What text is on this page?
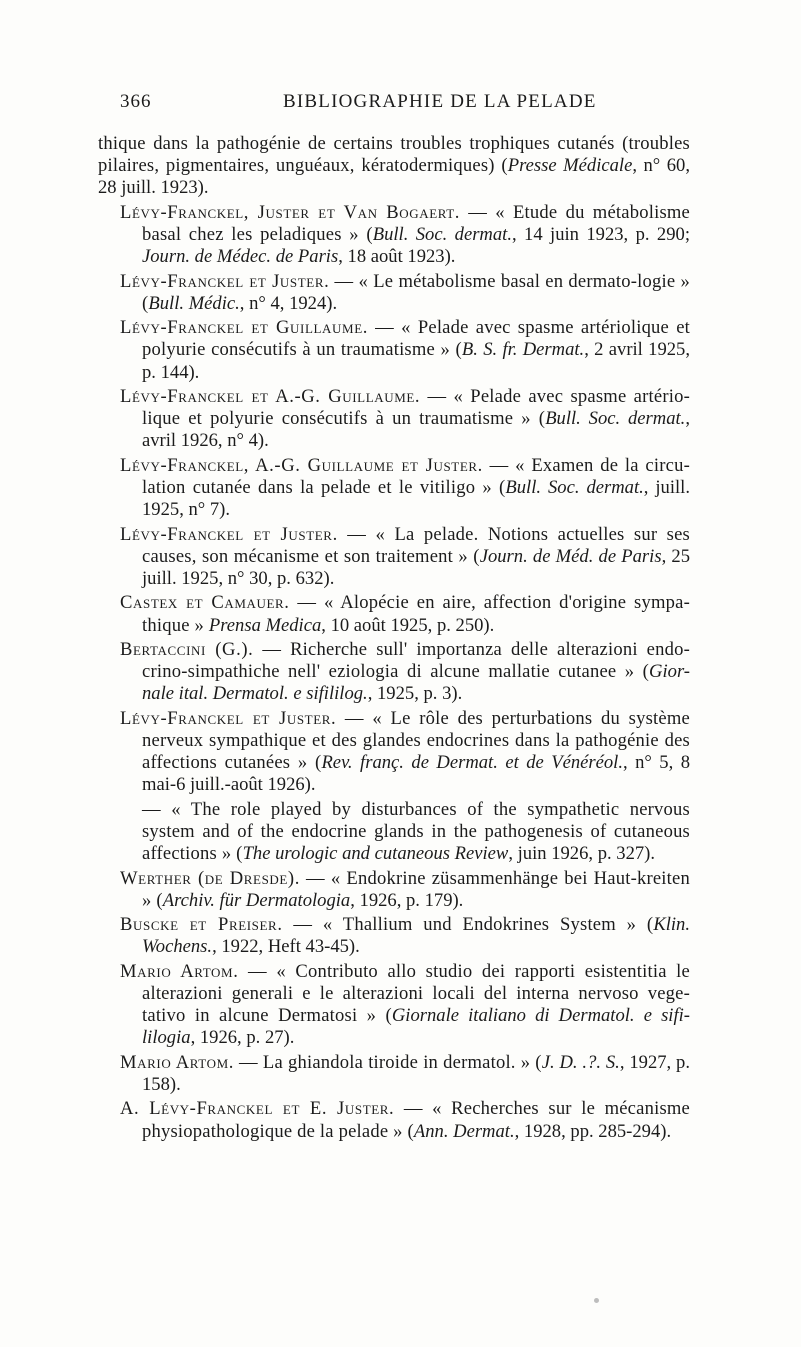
366	BIBLIOGRAPHIE DE LA PELADE

thique dans la pathogénie de certains troubles trophiques cutanés (troubles pilaires, pigmentaires, unguéaux, kératodermiques) (Presse Médicale, n° 60, 28 juill. 1923).

Lévy-Franckel, Juster et Van Bogaert. — « Etude du métabolisme basal chez les peladiques » (Bull. Soc. dermat., 14 juin 1923, p. 290; Journ. de Médec. de Paris, 18 août 1923).

Lévy-Franckel et Juster. — « Le métabolisme basal en dermato-logie » (Bull. Médic., n° 4, 1924).

Lévy-Franckel et Guillaume. — « Pelade avec spasme artériolique et polyurie consécutifs à un traumatisme » (B. S. fr. Dermat., 2 avril 1925, p. 144).

Lévy-Franckel et A.-G. Guillaume. — « Pelade avec spasme artério-lique et polyurie consécutifs à un traumatisme » (Bull. Soc. dermat., avril 1926, n° 4).

Lévy-Franckel, A.-G. Guillaume et Juster. — « Examen de la circu-lation cutanée dans la pelade et le vitiligo » (Bull. Soc. dermat., juill. 1925, n° 7).

Lévy-Franckel et Juster. — « La pelade. Notions actuelles sur ses causes, son mécanisme et son traitement » (Journ. de Méd. de Paris, 25 juill. 1925, n° 30, p. 632).

Castex et Camauer. — « Alopécie en aire, affection d'origine sympa-thique » Prensa Medica, 10 août 1925, p. 250).

Bertaccini (G.). — Richerche sull' importanza delle alterazioni endo-crino-simpathiche nell' eziologia di alcune mallatie cutanee » (Gior-nale ital. Dermatol. e sifililog., 1925, p. 3).

Lévy-Franckel et Juster. — « Le rôle des perturbations du système nerveux sympathique et des glandes endocrines dans la pathogénie des affections cutanées » (Rev. franç. de Dermat. et de Vénéréol., n° 5, 8 mai-6 juill.-août 1926).

— « The role played by disturbances of the sympathetic nervous system and of the endocrine glands in the pathogenesis of cutaneous affections » (The urologic and cutaneous Review, juin 1926, p. 327).

Werther (de Dresde). — « Endokrine züsammenhänge bei Haut-kreiten » (Archiv. für Dermatologia, 1926, p. 179).

Buscke et Preiser. — « Thallium und Endokrines System » (Klin. Wochens., 1922, Heft 43-45).

Mario Artom. — « Contributo allo studio dei rapporti esistentitia le alterazioni generali e le alterazioni locali del interna nervoso vege-tativo in alcune Dermatosi » (Giornale italiano di Dermatol. e sifi-lilogia, 1926, p. 27).

Mario Artom. — La ghiandola tiroide in dermatol. » (J. D. .?. S., 1927, p. 158).

A. Lévy-Franckel et E. Juster. — « Recherches sur le mécanisme physiopathologique de la pelade » (Ann. Dermat., 1928, pp. 285-294).
